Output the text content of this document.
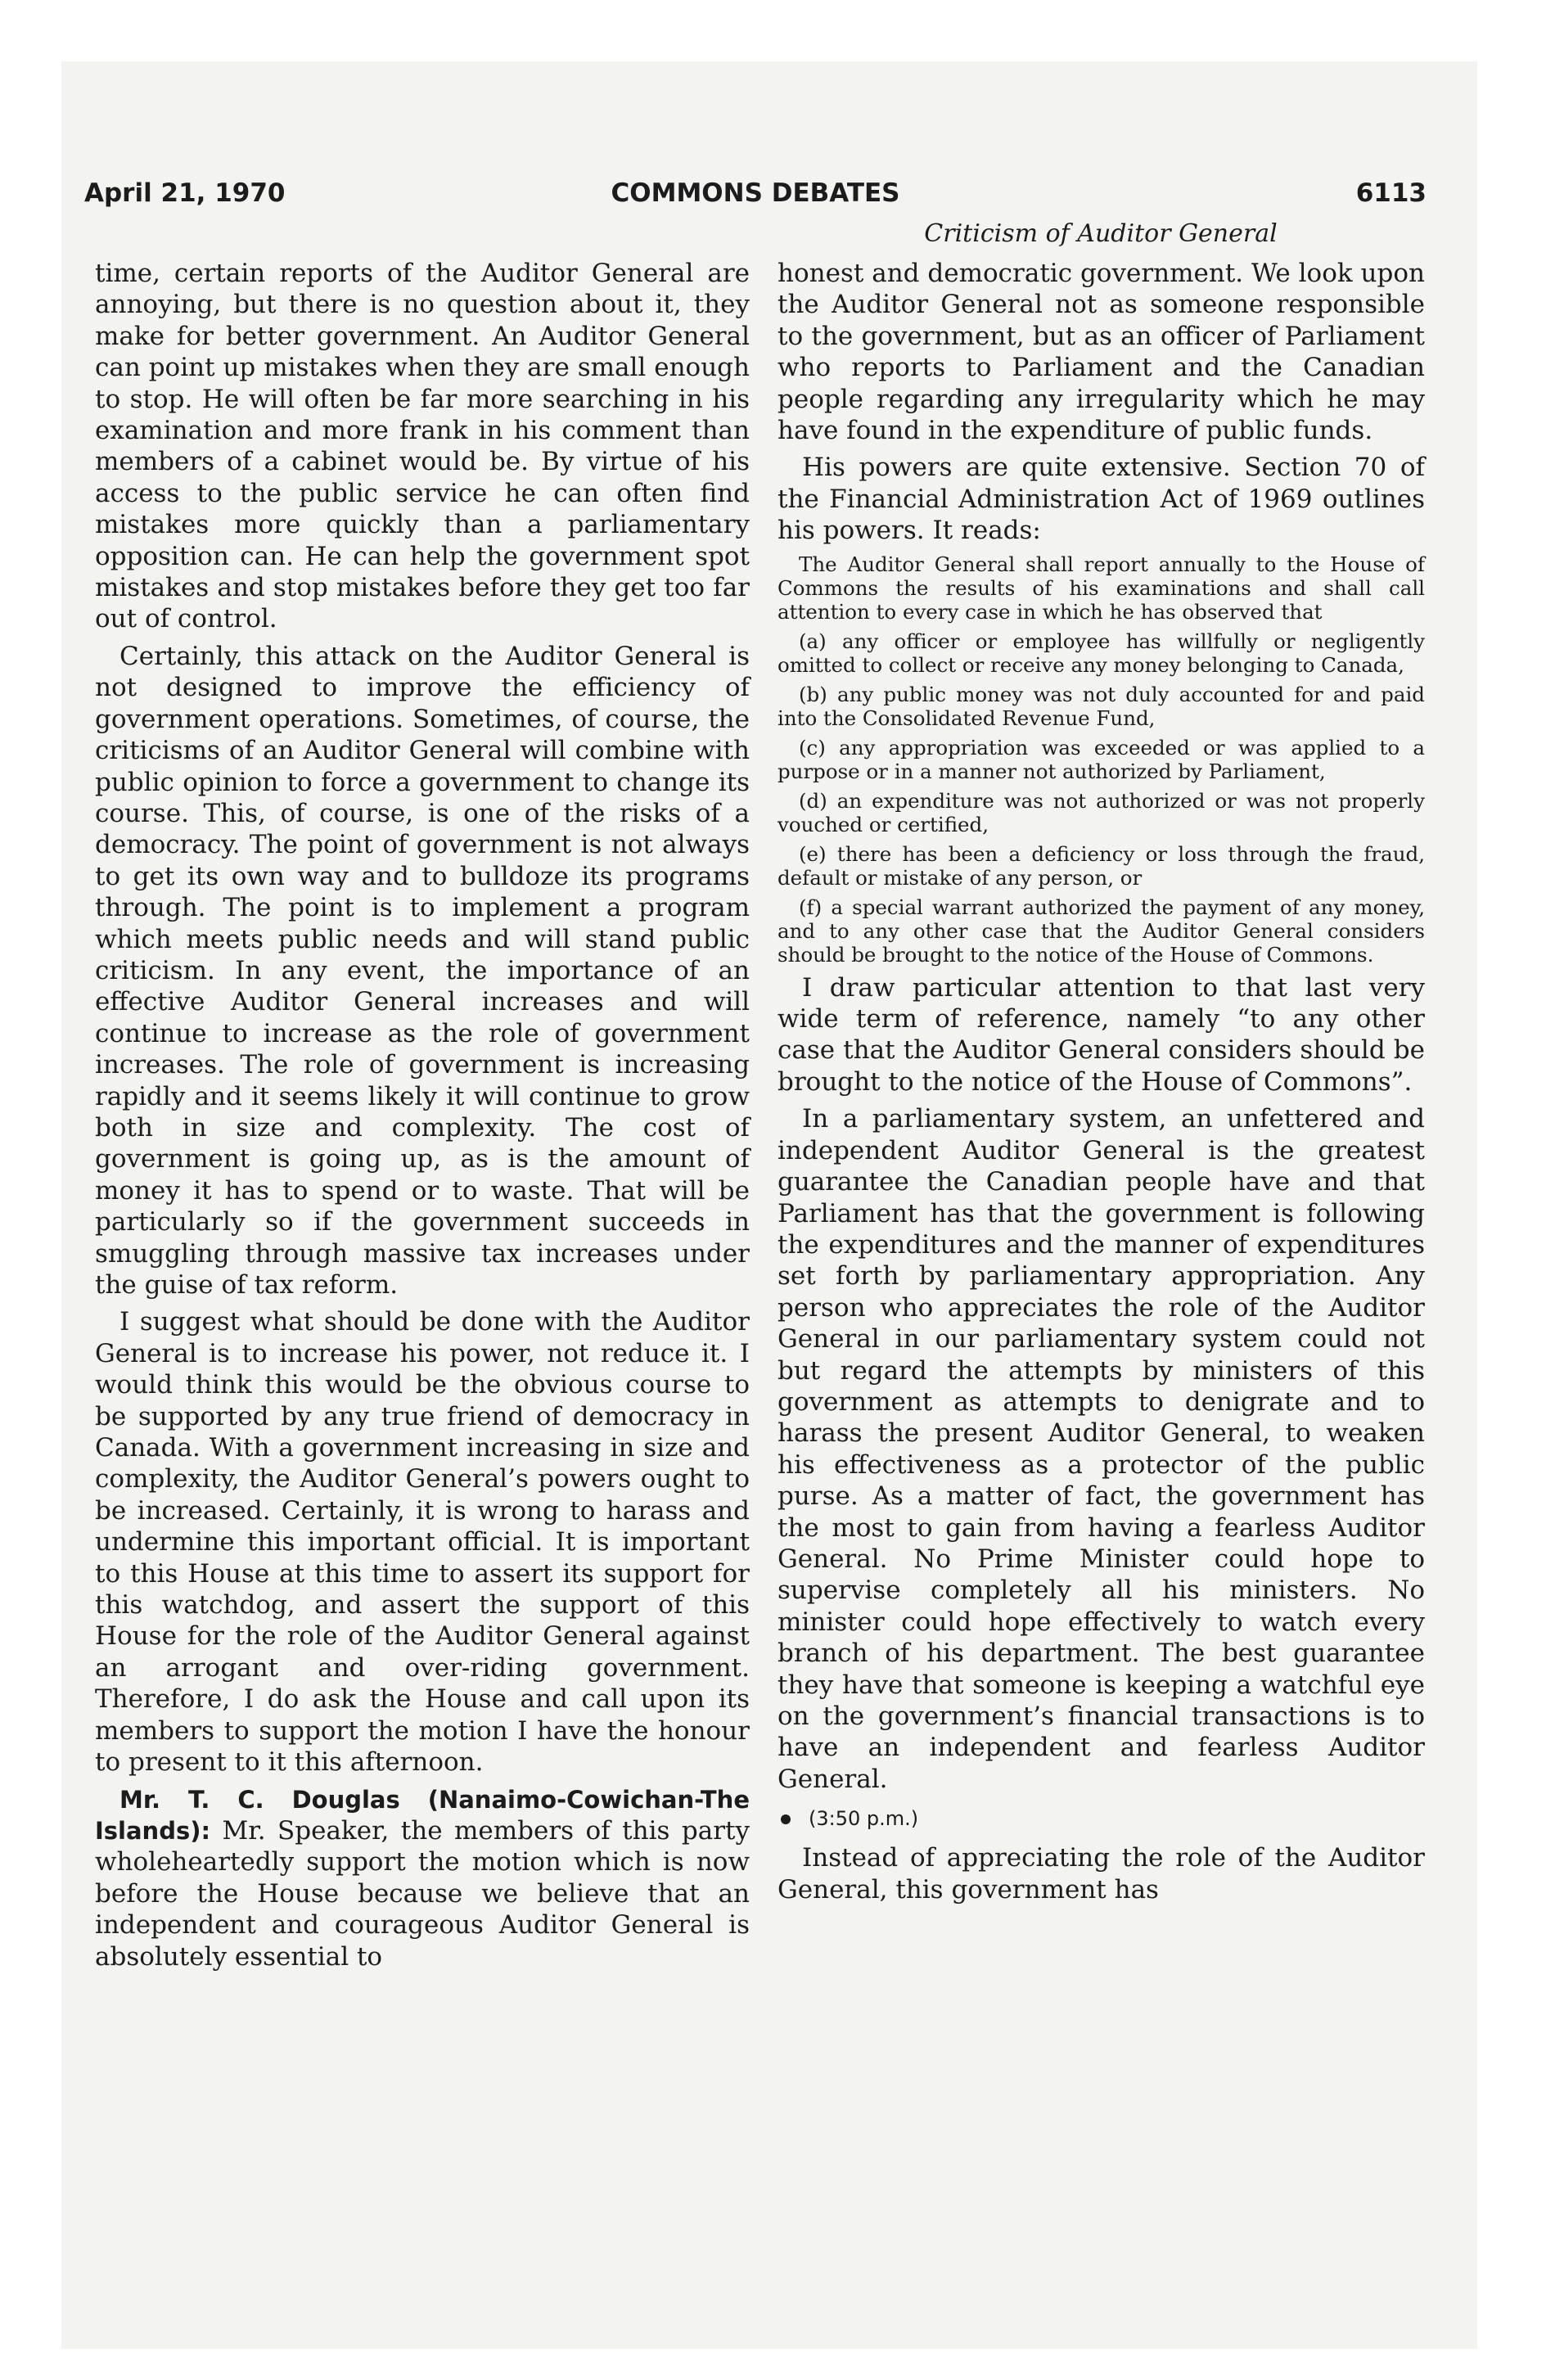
April 21, 1970	COMMONS DEBATES	6113
Criticism of Auditor General

time, certain reports of the Auditor General are annoying, but there is no question about it, they make for better government. An Auditor General can point up mistakes when they are small enough to stop. He will often be far more searching in his examination and more frank in his comment than members of a cabinet would be. By virtue of his access to the public service he can often find mistakes more quickly than a parliamentary opposition can. He can help the government spot mistakes and stop mistakes before they get too far out of control.

Certainly, this attack on the Auditor General is not designed to improve the efficiency of government operations. Sometimes, of course, the criticisms of an Auditor General will combine with public opinion to force a government to change its course. This, of course, is one of the risks of a democracy. The point of government is not always to get its own way and to bulldoze its programs through. The point is to implement a program which meets public needs and will stand public criticism. In any event, the importance of an effective Auditor General increases and will continue to increase as the role of government increases. The role of government is increasing rapidly and it seems likely it will continue to grow both in size and complexity. The cost of government is going up, as is the amount of money it has to spend or to waste. That will be particularly so if the government succeeds in smuggling through massive tax increases under the guise of tax reform.

I suggest what should be done with the Auditor General is to increase his power, not reduce it. I would think this would be the obvious course to be supported by any true friend of democracy in Canada. With a government increasing in size and complexity, the Auditor General’s powers ought to be increased. Certainly, it is wrong to harass and undermine this important official. It is important to this House at this time to assert its support for this watchdog, and assert the support of this House for the role of the Auditor General against an arrogant and over-riding government. Therefore, I do ask the House and call upon its members to support the motion I have the honour to present to it this afternoon.

Mr. T. C. Douglas (Nanaimo-Cowichan-The Islands): Mr. Speaker, the members of this party wholeheartedly support the motion which is now before the House because we believe that an independent and courageous Auditor General is absolutely essential to

honest and democratic government. We look upon the Auditor General not as someone responsible to the government, but as an officer of Parliament who reports to Parliament and the Canadian people regarding any irregularity which he may have found in the expenditure of public funds.

His powers are quite extensive. Section 70 of the Financial Administration Act of 1969 outlines his powers. It reads:

The Auditor General shall report annually to the House of Commons the results of his examinations and shall call attention to every case in which he has observed that

(a) any officer or employee has willfully or negligently omitted to collect or receive any money belonging to Canada,

(b) any public money was not duly accounted for and paid into the Consolidated Revenue Fund,

(c) any appropriation was exceeded or was applied to a purpose or in a manner not authorized by Parliament,

(d) an expenditure was not authorized or was not properly vouched or certified,

(e) there has been a deficiency or loss through the fraud, default or mistake of any person, or

(f) a special warrant authorized the payment of any money, and to any other case that the Auditor General considers should be brought to the notice of the House of Commons.

I draw particular attention to that last very wide term of reference, namely “to any other case that the Auditor General considers should be brought to the notice of the House of Commons”.

In a parliamentary system, an unfettered and independent Auditor General is the greatest guarantee the Canadian people have and that Parliament has that the government is following the expenditures and the manner of expenditures set forth by parliamentary appropriation. Any person who appreciates the role of the Auditor General in our parliamentary system could not but regard the attempts by ministers of this government as attempts to denigrate and to harass the present Auditor General, to weaken his effectiveness as a protector of the public purse. As a matter of fact, the government has the most to gain from having a fearless Auditor General. No Prime Minister could hope to supervise completely all his ministers. No minister could hope effectively to watch every branch of his department. The best guarantee they have that someone is keeping a watchful eye on the government’s financial transactions is to have an independent and fearless Auditor General.

(3:50 p.m.)

Instead of appreciating the role of the Auditor General, this government has
